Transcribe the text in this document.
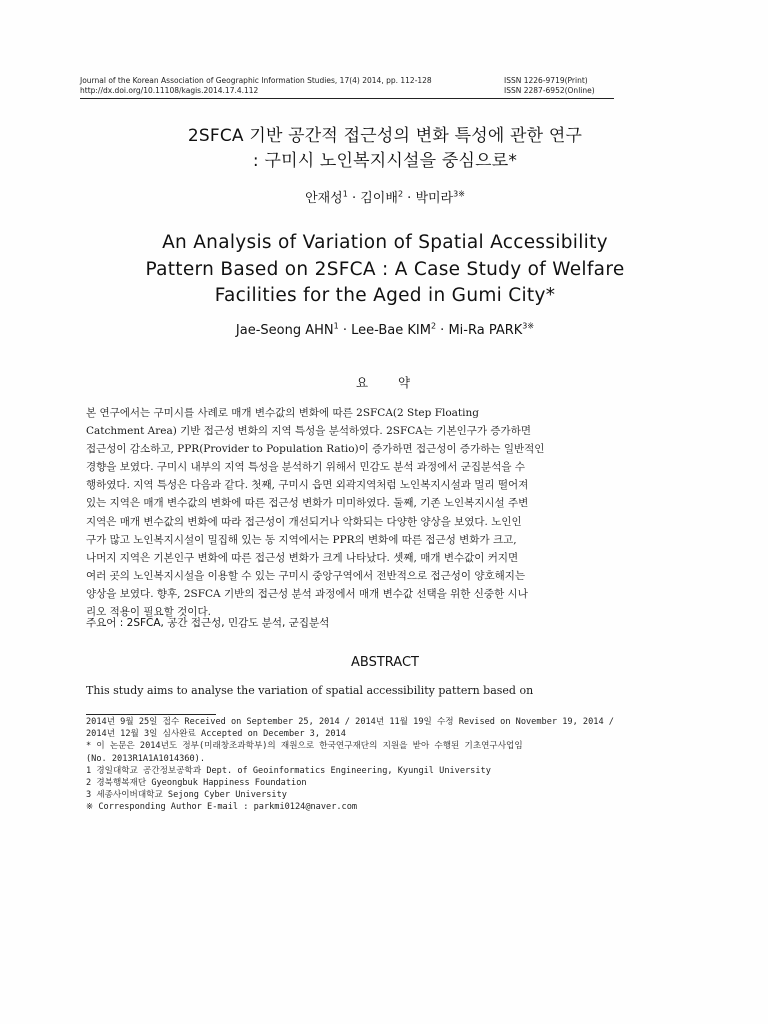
Journal of the Korean Association of Geographic Information Studies, 17(4) 2014, pp. 112-128
http://dx.doi.org/10.11108/kagis.2014.17.4.112
ISSN 1226-9719(Print)
ISSN 2287-6952(Online)
2SFCA 기반 공간적 접근성의 변화 특성에 관한 연구
: 구미시 노인복지시설을 중심으로*
안재성$^1$ · 김이배$^2$ · 박미라$^{3※}$
An Analysis of Variation of Spatial Accessibility
Pattern Based on 2SFCA : A Case Study of Welfare
Facilities for the Aged in Gumi City*
Jae-Seong $AHN^1 \cdot Lee-Bae$ $KIM^2 \cdot Mi-Ra$ $PARK^{3※}$
요 약
본 연구에서는 구미시를 사례로 매개 변수값의 변화에 따른 2SFCA(2 Step Floating
Catchment Area) 기반 접근성 변화의 지역 특성을 분석하였다. 2SFCA는 기본인구가 증가하면
접근성이 감소하고, PPR(Provider to Population Ratio)이 증가하면 접근성이 증가하는 일반적인
경향을 보였다. 구미시 내부의 지역 특성을 분석하기 위해서 민감도 분석 과정에서 군집분석을 수
행하였다. 지역 특성은 다음과 같다. 첫째, 구미시 읍면 외곽지역처럼 노인복지시설과 멀리 떨어져
있는 지역은 매개 변수값의 변화에 따른 접근성 변화가 미미하였다. 둘째, 기존 노인복지시설 주변
지역은 매개 변수값의 변화에 따라 접근성이 개선되거나 악화되는 다양한 양상을 보였다. 노인인
구가 많고 노인복지시설이 밀집해 있는 동 지역에서는 PPR의 변화에 따른 접근성 변화가 크고,
나머지 지역은 기본인구 변화에 따른 접근성 변화가 크게 나타났다. 셋째, 매개 변수값이 커지면
여러 곳의 노인복지시설을 이용할 수 있는 구미시 중앙구역에서 전반적으로 접근성이 양호해지는
양상을 보였다. 향후, 2SFCA 기반의 접근성 분석 과정에서 매개 변수값 선택을 위한 신중한 시나
리오 적용이 필요할 것이다.
주요어 : 2SFCA, 공간 접근성, 민감도 분석, 군집분석
ABSTRACT
This study aims to analyse the variation of spatial accessibility pattern based on
2014년 9월 25일 접수 Received on September 25, 2014 / 2014년 11월 19일 수정 Revised on November 19, 2014 /
2014년 12월 3일 심사완료 Accepted on December 3, 2014
* 이 논문은 2014년도 정부(미래창조과학부)의 재원으로 한국연구재단의 지원을 받아 수행된 기초연구사업임
(No. 2013R1A1A1014360).
1 경일대학교 공간정보공학과 Dept. of Geoinformatics Engineering, Kyungil University
2 경북행복재단 Gyeongbuk Happiness Foundation
3 세종사이버대학교 Sejong Cyber University
※ Corresponding Author E-mail : parkmi0124@naver.com
